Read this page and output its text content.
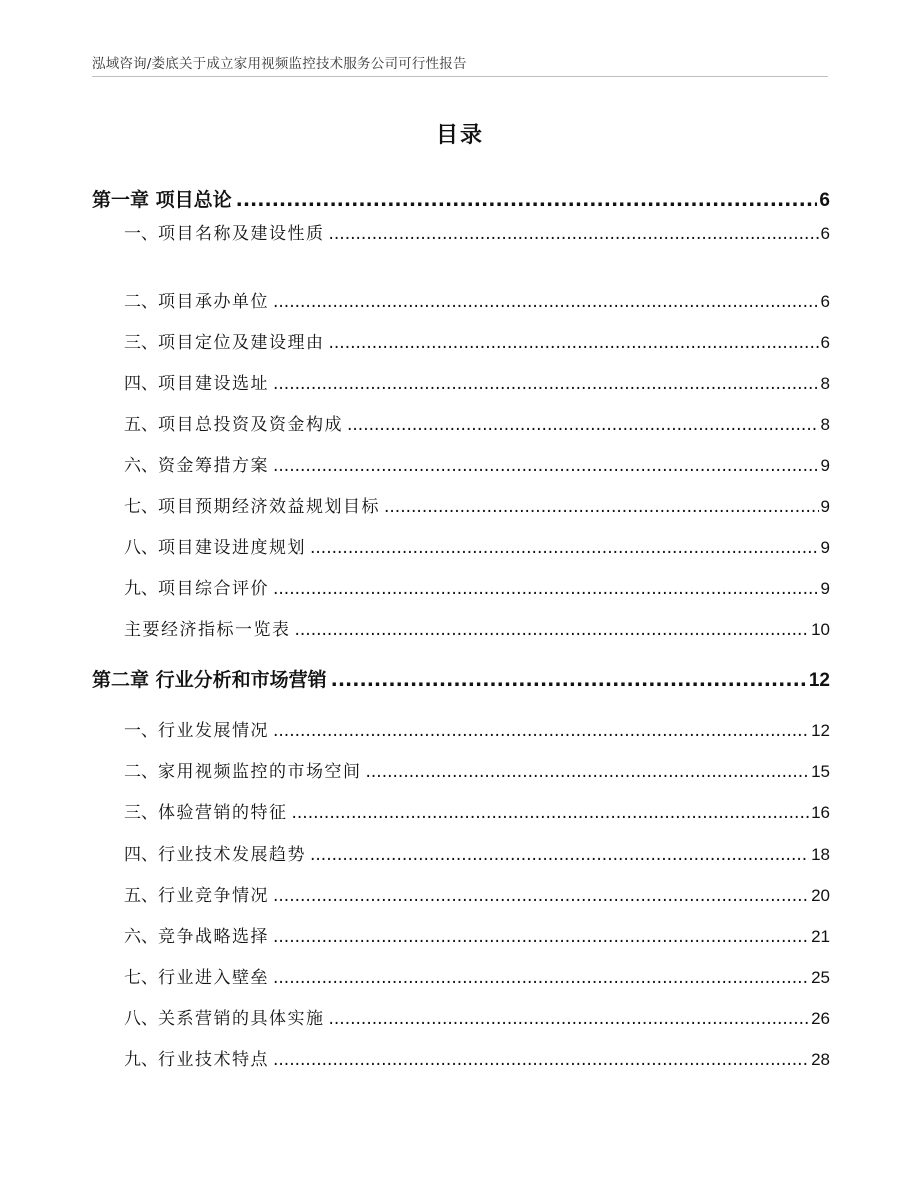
泓域咨询/娄底关于成立家用视频监控技术服务公司可行性报告
目录
第一章 项目总论 .....	6
一、 项目名称及建设性质 .....	6
二、 项目承办单位 .....	6
三、 项目定位及建设理由 .....	6
四、 项目建设选址 .....	8
五、 项目总投资及资金构成 .....	8
六、 资金筹措方案 .....	9
七、 项目预期经济效益规划目标 .....	9
八、 项目建设进度规划 .....	9
九、 项目综合评价 .....	9
主要经济指标一览表 .....	10
第二章 行业分析和市场营销 .....	12
一、 行业发展情况 .....	12
二、 家用视频监控的市场空间 .....	15
三、 体验营销的特征 .....	16
四、 行业技术发展趋势 .....	18
五、 行业竞争情况 .....	20
六、 竞争战略选择 .....	21
七、 行业进入壁垒 .....	25
八、 关系营销的具体实施 .....	26
九、 行业技术特点 .....	28
